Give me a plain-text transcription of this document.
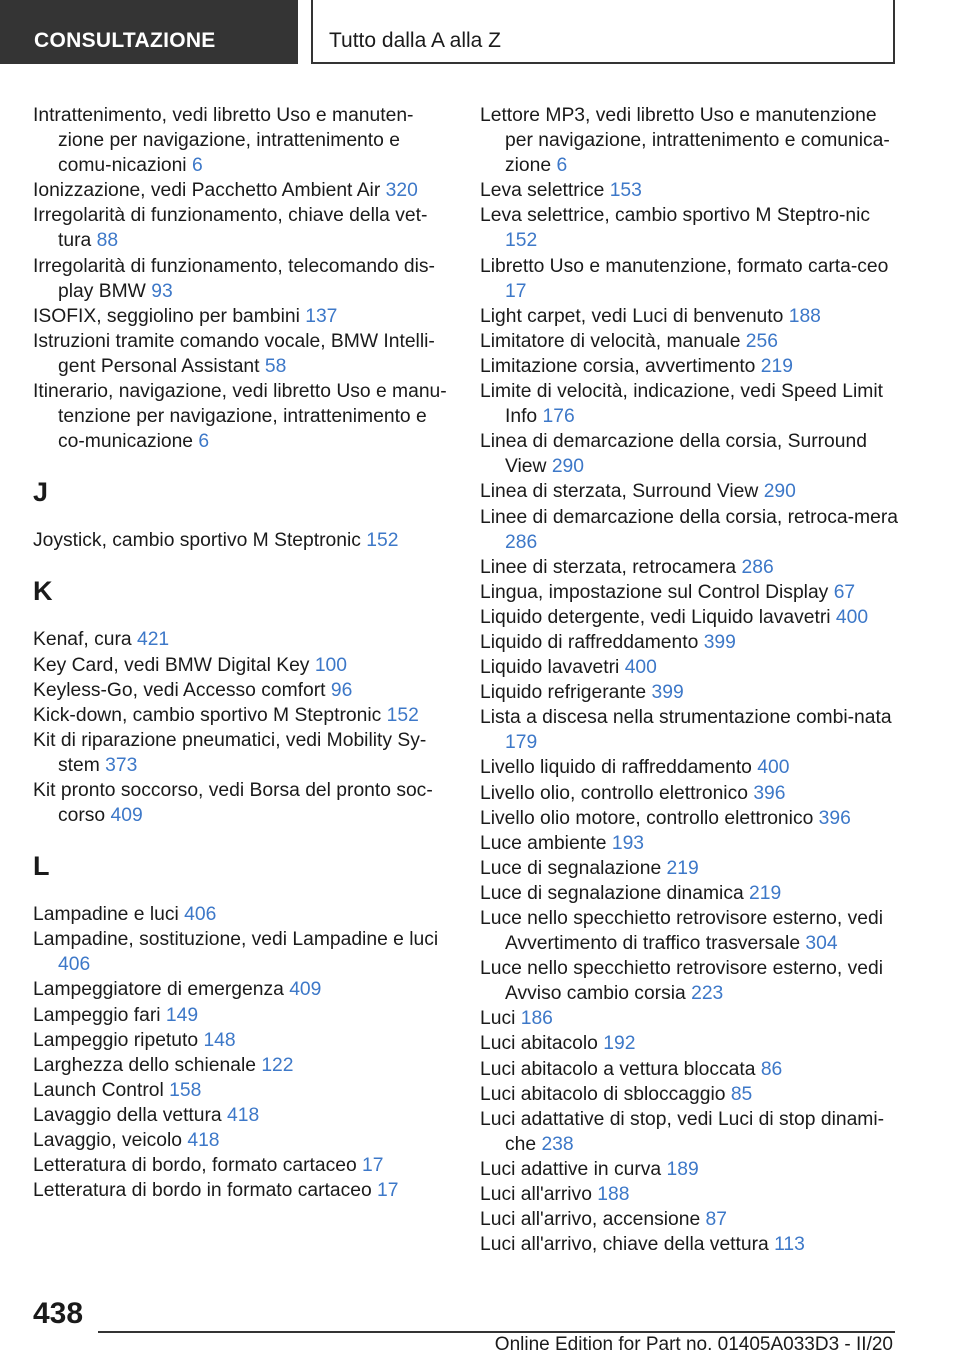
CONSULTAZIONE	Tutto dalla A alla Z
Intrattenimento, vedi libretto Uso e manuten-zione per navigazione, intrattenimento e comu-nicazioni 6
Ionizzazione, vedi Pacchetto Ambient Air 320
Irregolarità di funzionamento, chiave della vet-tura 88
Irregolarità di funzionamento, telecomando dis-play BMW 93
ISOFIX, seggiolino per bambini 137
Istruzioni tramite comando vocale, BMW Intelli-gent Personal Assistant 58
Itinerario, navigazione, vedi libretto Uso e manu-tenzione per navigazione, intrattenimento e co-municazione 6
J
Joystick, cambio sportivo M Steptronic 152
K
Kenaf, cura 421
Key Card, vedi BMW Digital Key 100
Keyless-Go, vedi Accesso comfort 96
Kick-down, cambio sportivo M Steptronic 152
Kit di riparazione pneumatici, vedi Mobility Sy-stem 373
Kit pronto soccorso, vedi Borsa del pronto soc-corso 409
L
Lampadine e luci 406
Lampadine, sostituzione, vedi Lampadine e luci 406
Lampeggiatore di emergenza 409
Lampeggio fari 149
Lampeggio ripetuto 148
Larghezza dello schienale 122
Launch Control 158
Lavaggio della vettura 418
Lavaggio, veicolo 418
Letteratura di bordo, formato cartaceo 17
Letteratura di bordo in formato cartaceo 17
Lettore MP3, vedi libretto Uso e manutenzione per navigazione, intrattenimento e comunica-zione 6
Leva selettrice 153
Leva selettrice, cambio sportivo M Steptro-nic 152
Libretto Uso e manutenzione, formato carta-ceo 17
Light carpet, vedi Luci di benvenuto 188
Limitatore di velocità, manuale 256
Limitazione corsia, avvertimento 219
Limite di velocità, indicazione, vedi Speed Limit Info 176
Linea di demarcazione della corsia, Surround View 290
Linea di sterzata, Surround View 290
Linee di demarcazione della corsia, retroca-mera 286
Linee di sterzata, retrocamera 286
Lingua, impostazione sul Control Display 67
Liquido detergente, vedi Liquido lavavetri 400
Liquido di raffreddamento 399
Liquido lavavetri 400
Liquido refrigerante 399
Lista a discesa nella strumentazione combi-nata 179
Livello liquido di raffreddamento 400
Livello olio, controllo elettronico 396
Livello olio motore, controllo elettronico 396
Luce ambiente 193
Luce di segnalazione 219
Luce di segnalazione dinamica 219
Luce nello specchietto retrovisore esterno, vedi Avvertimento di traffico trasversale 304
Luce nello specchietto retrovisore esterno, vedi Avviso cambio corsia 223
Luci 186
Luci abitacolo 192
Luci abitacolo a vettura bloccata 86
Luci abitacolo di sbloccaggio 85
Luci adattative di stop, vedi Luci di stop dinami-che 238
Luci adattive in curva 189
Luci all'arrivo 188
Luci all'arrivo, accensione 87
Luci all'arrivo, chiave della vettura 113
438
Online Edition for Part no. 01405A033D3 - II/20
